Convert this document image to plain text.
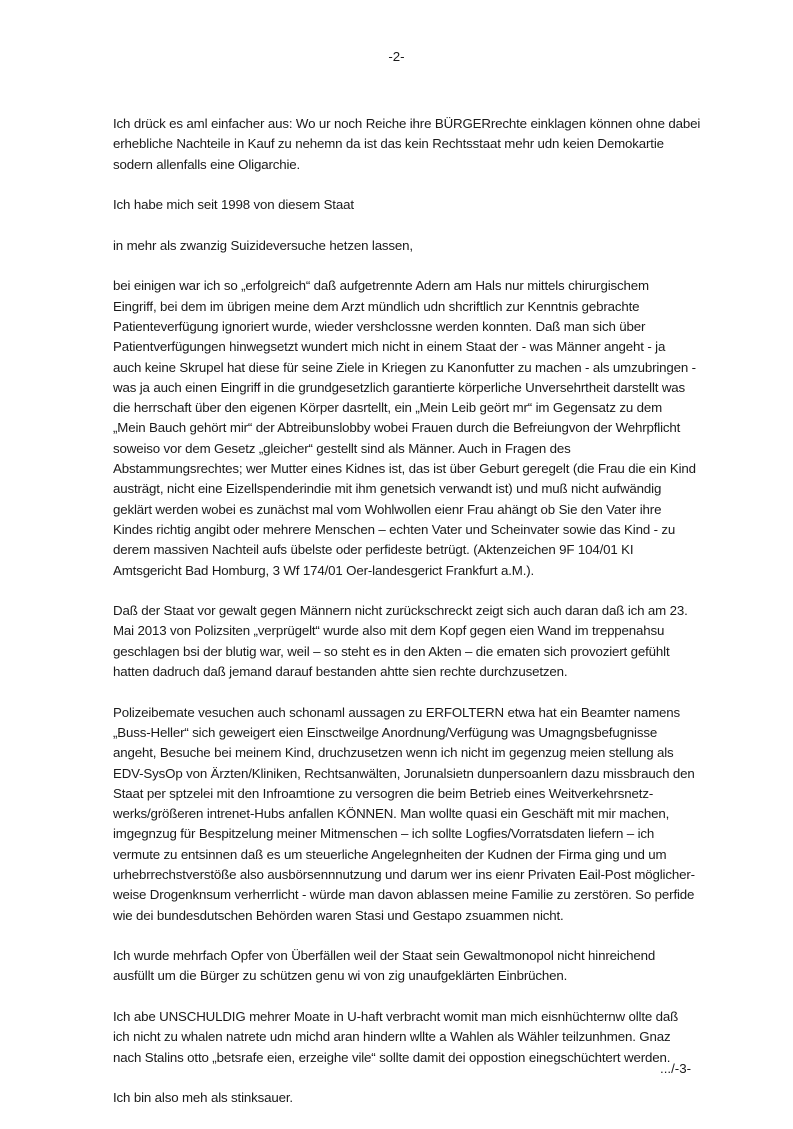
-2-
Ich drück es aml einfacher aus: Wo ur noch Reiche ihre BÜRGERrechte einklagen können ohne dabei
erhebliche Nachteile in Kauf zu nehemn da ist das kein Rechtsstaat mehr udn keien Demokartie
sodern allenfalls eine Oligarchie.
Ich habe mich seit 1998 von diesem Staat
in mehr als zwanzig Suizideversuche hetzen lassen,
bei einigen war ich so „erfolgreich“ daß aufgetrennte Adern am Hals nur mittels chirurgischem
Eingriff, bei dem im übrigen meine dem Arzt mündlich udn shcriftlich zur Kenntnis gebrachte
Patienteverfügung ignoriert wurde, wieder vershclossne werden konnten. Daß man sich über
Patientverfügungen hinwegsetzt wundert mich nicht in einem Staat der - was Männer angeht - ja
auch keine Skrupel hat diese für seine Ziele in Kriegen zu Kanonfutter zu machen - als umzubringen -
was ja auch einen Eingriff in die grundgesetzlich garantierte körperliche Unversehrtheit darstellt was
die herrschaft über den eigenen Körper dasrtellt, ein „Mein Leib geört mr“ im Gegensatz zu dem
„Mein Bauch gehört mir“ der Abtreibunslobby wobei Frauen durch die Befreiungvon der Wehrpflicht
soweiso vor dem Gesetz „gleicher“ gestellt sind als Männer. Auch in Fragen des
Abstammungsrechtes; wer Mutter eines Kidnes ist, das ist über Geburt geregelt (die Frau die ein Kind
austrägt, nicht eine Eizellspenderindie mit ihm genetsich verwandt ist) und muß nicht aufwändig
geklärt werden wobei es zunächst mal vom Wohlwollen eienr Frau ahängt ob Sie den Vater ihre
Kindes richtig angibt oder mehrere Menschen – echten Vater und Scheinvater sowie das Kind - zu
derem massiven Nachteil aufs übelste oder perfideste betrügt. (Aktenzeichen 9F 104/01 KI
Amtsgericht Bad Homburg, 3 Wf 174/01 Oer-landesgerict Frankfurt a.M.).
Daß der Staat vor gewalt gegen Männern nicht zurückschreckt zeigt sich auch daran daß ich am 23.
Mai 2013 von Polizsiten „verprügelt“ wurde also mit dem Kopf gegen eien Wand im treppenahsu
geschlagen bsi der blutig war, weil – so steht es in den Akten – die ematen sich provoziert gefühlt
hatten dadruch daß jemand darauf bestanden ahtte sien rechte durchzusetzen.
Polizeibemate vesuchen auch schonaml aussagen zu ERFOLTERN etwa hat ein Beamter namens
„Buss-Heller“ sich geweigert eien Einsctweilge Anordnung/Verfügung was Umagngsbefugnisse
angeht, Besuche bei meinem Kind, druchzusetzen wenn ich nicht im gegenzug meien stellung als
EDV-SysOp von Ärzten/Kliniken, Rechtsanwälten, Jorunalsietn dunpersoanlern dazu missbrauch den
Staat per sptzelei mit den Infroamtione zu versogren die beim Betrieb eines Weitverkehrsnetz-
werks/größeren intrenet-Hubs anfallen KÖNNEN. Man wollte quasi ein Geschäft mit mir machen,
imgegnzug für Bespitzelung meiner Mitmenschen – ich sollte Logfies/Vorratsdaten liefern – ich
vermute zu entsinnen daß es um steuerliche Angelegnheiten der Kudnen der Firma ging und um
urhebrrechstverstöße also ausbörsennnutzung und darum wer ins eienr Privaten Eail-Post möglicher-
weise Drogenknsum verherrlicht - würde man davon ablassen meine Familie zu zerstören. So perfide
wie dei bundesdutschen Behörden waren Stasi und Gestapo zsuammen nicht.
Ich wurde mehrfach Opfer von Überfällen weil der Staat sein Gewaltmonopol nicht hinreichend
ausfüllt um die Bürger zu schützen genu wi von zig unaufgeklärten Einbrüchen.
Ich abe UNSCHULDIG mehrer Moate in U-haft verbracht womit man mich eisnhüchternw ollte daß
ich nicht zu whalen natrete udn michd aran hindern wllte a Wahlen als Wähler teilzunhmen. Gnaz
nach Stalins otto „betsrafe eien, erzeighe vile“ sollte damit dei oppostion einegschüchtert werden.
Ich bin also meh als stinksauer.
.../-3-
